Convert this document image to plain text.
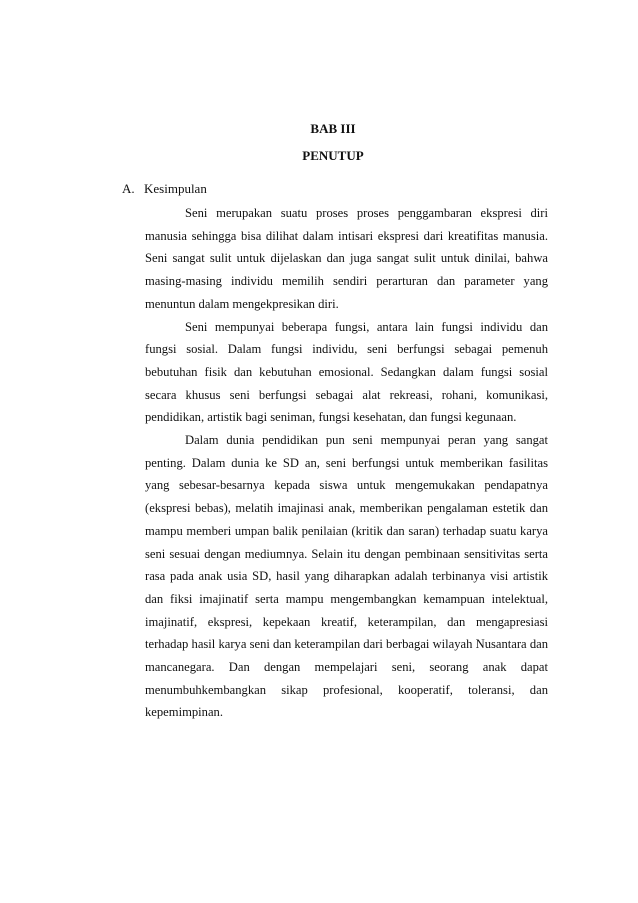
BAB III
PENUTUP
A. Kesimpulan

Seni merupakan suatu proses proses penggambaran ekspresi diri manusia sehingga bisa dilihat dalam intisari ekspresi dari kreatifitas manusia. Seni sangat sulit untuk dijelaskan dan juga sangat sulit untuk dinilai, bahwa masing-masing individu memilih sendiri perarturan dan parameter yang menuntun dalam mengekpresikan diri.

Seni mempunyai beberapa fungsi, antara lain fungsi individu dan fungsi sosial. Dalam fungsi individu, seni berfungsi sebagai pemenuh bebutuhan fisik dan kebutuhan emosional. Sedangkan dalam fungsi sosial secara khusus seni berfungsi sebagai alat rekreasi, rohani, komunikasi, pendidikan, artistik bagi seniman, fungsi kesehatan, dan fungsi kegunaan.

Dalam dunia pendidikan pun seni mempunyai peran yang sangat penting. Dalam dunia ke SD an, seni berfungsi untuk memberikan fasilitas yang sebesar-besarnya kepada siswa untuk mengemukakan pendapatnya (ekspresi bebas), melatih imajinasi anak, memberikan pengalaman estetik dan mampu memberi umpan balik penilaian (kritik dan saran) terhadap suatu karya seni sesuai dengan mediumnya. Selain itu dengan pembinaan sensitivitas serta rasa pada anak usia SD, hasil yang diharapkan adalah terbinanya visi artistik dan fiksi imajinatif serta mampu mengembangkan kemampuan intelektual, imajinatif, ekspresi, kepekaan kreatif, keterampilan, dan mengapresiasi terhadap hasil karya seni dan keterampilan dari berbagai wilayah Nusantara dan mancanegara. Dan dengan mempelajari seni, seorang anak dapat menumbuhkembangkan sikap profesional, kooperatif, toleransi, dan kepemimpinan.
